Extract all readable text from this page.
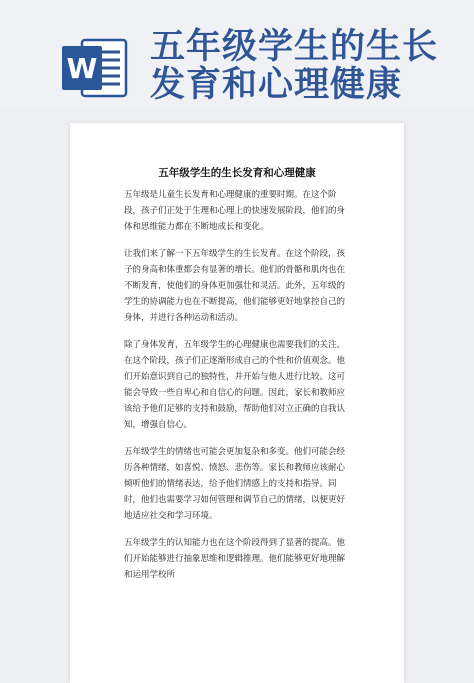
W
五年级学生的生长
发育和心理健康
五年级学生的生长发育和心理健康

五年级是儿童生长发育和心理健康的重要时期。在这个阶段，孩子们正处于生理和心理上的快速发展阶段，他们的身体和思维能力都在不断地成长和变化。

让我们来了解一下五年级学生的生长发育。在这个阶段，孩子的身高和体重都会有显著的增长。他们的骨骼和肌肉也在不断发育，使他们的身体更加强壮和灵活。此外，五年级的学生的协调能力也在不断提高，他们能够更好地掌控自己的身体，并进行各种运动和活动。

除了身体发育，五年级学生的心理健康也需要我们的关注。在这个阶段，孩子们正逐渐形成自己的个性和价值观念。他们开始意识到自己的独特性，并开始与他人进行比较。这可能会导致一些自卑心和自信心的问题。因此，家长和教师应该给予他们足够的支持和鼓励，帮助他们对立正确的自我认知，增强自信心。

五年级学生的情绪也可能会更加复杂和多变。他们可能会经历各种情绪，如喜悦、愤怒、悲伤等。家长和教师应该耐心倾听他们的情绪表达，给予他们情感上的支持和指导。同时，他们也需要学习如何管理和调节自己的情绪，以便更好地适应社交和学习环境。

五年级学生的认知能力也在这个阶段得到了显著的提高。他们开始能够进行抽象思维和逻辑推理。他们能够更好地理解和运用学校所
